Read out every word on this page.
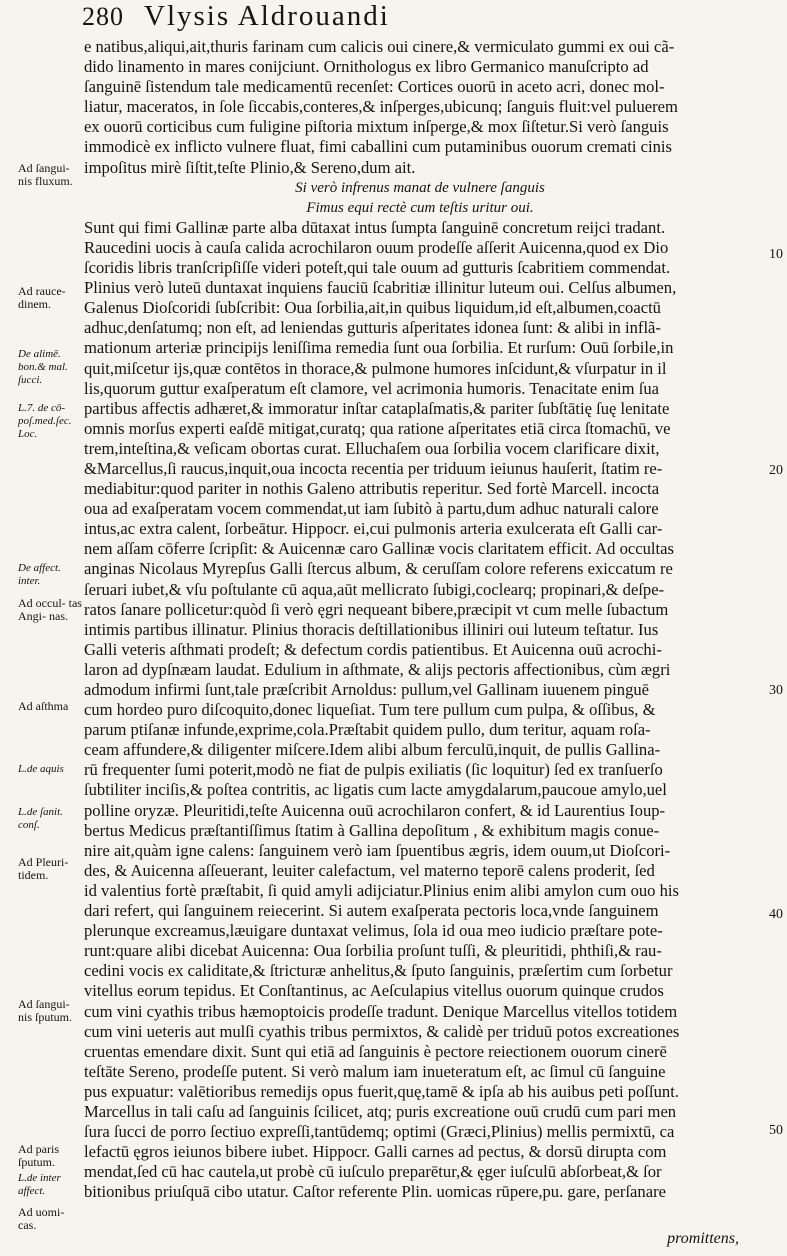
280 Vlysis Aldrouandi
e natibus,aliqui,ait,thuris farinam cum calicis oui cinere,& vermiculato gummi ex oui cã-
dido linamento in mares conijciunt. Ornithologus ex libro Germanico manuſcripto ad
ſanguinē ſistendum tale medicamentū recenſet: Cortices ouorū in aceto acri, donec mol-
liatur, maceratos, in ſole ſiccabis,conteres,& inſperges,ubicunq; ſanguis fluit:vel puluerem
ex ouorū corticibus cum fuligine piſtoria mixtum inſperge,& mox ſiſtetur.Si verò ſanguis
immodicè ex inflicto vulnere fluat, fimi caballini cum putaminibus ouorum cremati cinis
impoſitus mirè ſiſtit,teſte Plinio,& Sereno,dum ait.
Si verò infrenus manat de vulnere ſanguis
Fimus equi rectè cum teſtis uritur oui.
Sunt qui fimi Gallinæ parte alba dūtaxat intus ſumpta ſanguinē concretum reijci tradant.
Raucedini uocis à cauſa calida acrochilaron ouum prodeſſe aſſerit Auicenna,quod ex Dio
ſcoridis libris tranſcripſiſſe videri poteſt,qui tale ouum ad gutturis ſcabritiem commendat.
Plinius verò luteū duntaxat inquiens fauciū ſcabritiæ illinitur luteum oui. Celſus albumen,
Galenus Dioſcoridi ſubſcribit: Oua ſorbilia,ait,in quibus liquidum,id eſt,albumen,coactū
adhuc,denſatumq; non eſt, ad leniendas gutturis aſperitates idonea ſunt: & alibi in inflã-
mationum arteriæ principijs leniſſima remedia ſunt oua ſorbilia. Et rurſum: Ouū ſorbile,in
quit,miſcetur ijs,quæ contētos in thorace,& pulmone humores inſcidunt,& vſurpatur in il
lis,quorum guttur exaſperatum eſt clamore, vel acrimonia humoris. Tenacitate enim ſua
partibus affectis adhæret,& immoratur inſtar cataplaſmatis,& pariter ſubſtātię ſuę lenitate
omnis morſus experti eaſdē mitigat,curatq; qua ratione aſperitates etiā circa ſtomachū, ve
trem,inteſtina,& veſicam obortas curat. Elluchaſem oua ſorbilia vocem clarificare dixit,
&Marcellus,ſi raucus,inquit,oua incocta recentia per triduum ieiunus hauſerit, ſtatim re-
mediabitur:quod pariter in nothis Galeno attributis reperitur. Sed fortè Marcell. incocta
oua ad exaſperatam vocem commendat,ut iam ſubitò à partu,dum adhuc naturali calore
intus,ac extra calent, ſorbeātur. Hippocr. ei,cui pulmonis arteria exulcerata eſt Galli car-
nem aſſam cōferre ſcripſit: & Auicennæ caro Gallinæ vocis claritatem efficit. Ad occultas
anginas Nicolaus Myrepſus Galli ſtercus album, & ceruſſam colore referens exiccatum re
ſeruari iubet,& vſu poſtulante cū aqua,aūt mellicrato ſubigi,coclearq; propinari,& deſpe-
ratos ſanare pollicetur:quòd ſi verò ęgri nequeant bibere,præcipit vt cum melle ſubactum
intimis partibus illinatur. Plinius thoracis deſtillationibus illiniri oui luteum teſtatur. Ius
Galli veteris aſthmati prodeſt; & defectum cordis patientibus. Et Auicenna ouū acrochi-
laron ad dypſnæam laudat. Edulium in aſthmate, & alijs pectoris affectionibus, cùm ægri
admodum infirmi ſunt,tale præſcribit Arnoldus: pullum,vel Gallinam iuuenem pinguē
cum hordeo puro diſcoquito,donec liqueſiat. Tum tere pullum cum pulpa, & oſſibus, &
parum ptiſanæ infunde,exprime,cola.Præſtabit quidem pullo, dum teritur, aquam roſa-
ceam affundere,& diligenter miſcere.Idem alibi album ferculū,inquit, de pullis Gallina-
rū frequenter ſumi poterit,modò ne fiat de pulpis exiliatis (ſic loquitur) ſed ex tranſuerſo
ſubtiliter inciſis,& poſtea contritis, ac ligatis cum lacte amygdalarum,paucoue amylo,uel
polline oryzæ. Pleuritidi,teſte Auicenna ouū acrochilaron confert, & id Laurentius Ioup-
bertus Medicus præſtantiſſimus ſtatim à Gallina depoſitum , & exhibitum magis conue-
nire ait,quàm igne calens: ſanguinem verò iam ſpuentibus ægris, idem ouum,ut Dioſcori-
des, & Auicenna aſſeuerant, leuiter calefactum, vel materno teporē calens proderit, ſed
id valentius fortè præſtabit, ſi quid amyli adijciatur.Plinius enim alibi amylon cum ouo his
dari refert, qui ſanguinem reiecerint. Si autem exaſperata pectoris loca,vnde ſanguinem
plerunque excreamus,læuigare duntaxat velimus, ſola id oua meo iudicio præſtare pote-
runt:quare alibi dicebat Auicenna: Oua ſorbilia proſunt tuſſi, & pleuritidi, phthiſi,& rau-
cedini vocis ex caliditate,& ſtricturæ anhelitus,& ſputo ſanguinis, præſertim cum ſorbetur
vitellus eorum tepidus. Et Conſtantinus, ac Aeſculapius vitellus ouorum quinque crudos
cum vini cyathis tribus hæmoptoicis prodeſſe tradunt. Denique Marcellus vitellos totidem
cum vini ueteris aut mulſi cyathis tribus permixtos, & calidè per triduū potos excreationes
cruentas emendare dixit. Sunt qui etiā ad ſanguinis è pectore reiectionem ouorum cinerē
teſtāte Sereno, prodeſſe putent. Si verò malum iam inueteratum eſt, ac ſimul cū ſanguine
pus expuatur: valētioribus remedijs opus fuerit,quę,tamē & ipſa ab his auibus peti poſſunt.
Marcellus in tali caſu ad ſanguinis ſcilicet, atq; puris excreatione ouū crudū cum pari men
ſura ſucci de porro ſectiuo expreſſi,tantūdemq; optimi (Græci,Plinius) mellis permixtū, ca
lefactū ęgros ieiunos bibere iubet. Hippocr. Galli carnes ad pectus, & dorsū dirupta com
mendat,ſed cū hac cautela,ut probè cū iuſculo preparētur,& ęger iuſculū abſorbeat,& ſor
bitionibus priuſquā cibo utatur. Caſtor referente Plin. uomicas rūpere,pu. gare, perſanare
Ad ſangui- nis fluxum.
Ad rauce- dinem.
De alimē. bon.& mal. ſucci.
L.7. de cō- poſ.med.ſec. Loc.
De affect. inter.
Ad occul- tas Angi- nas.
Ad aſthma
L.de aquis
L.de ſanit. conſ.
Ad Pleuri- tidem.
Ad ſangui- nis ſputum.
Ad paris ſputum.
L.de inter affect.
Ad uomi- cas.
10
20
30
40
50
promittens,
